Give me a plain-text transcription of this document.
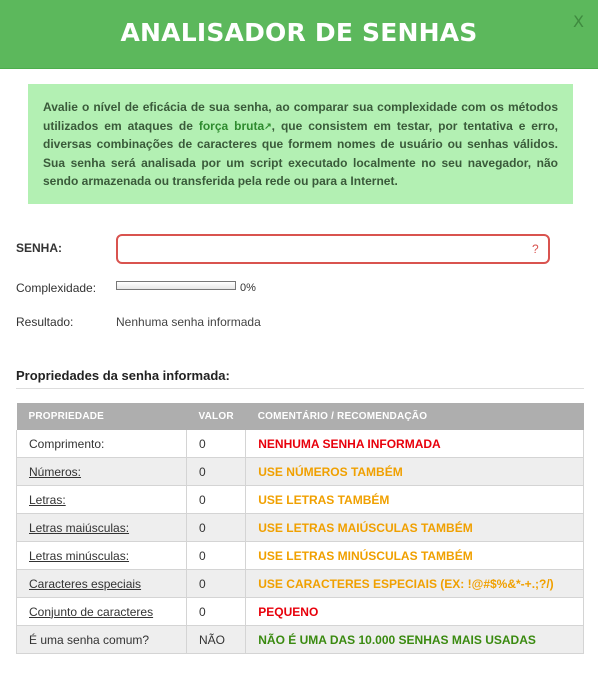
ANALISADOR DE SENHAS	X
Avalie o nível de eficácia de sua senha, ao comparar sua complexidade com os métodos utilizados em ataques de força bruta↗, que consistem em testar, por tentativa e erro, diversas combinações de caracteres que formem nomes de usuário ou senhas válidos. Sua senha será analisada por um script executado localmente no seu navegador, não sendo armazenada ou transferida pela rede ou para a Internet.
SENHA:	?
Complexidade:	0%
Resultado:	Nenhuma senha informada
Propriedades da senha informada:
PROPRIEDADE	VALOR	COMENTÁRIO / RECOMENDAÇÃO
Comprimento:	0	NENHUMA SENHA INFORMADA
Números:	0	USE NÚMEROS TAMBÉM
Letras:	0	USE LETRAS TAMBÉM
Letras maiúsculas:	0	USE LETRAS MAIÚSCULAS TAMBÉM
Letras minúsculas:	0	USE LETRAS MINÚSCULAS TAMBÉM
Caracteres especiais	0	USE CARACTERES ESPECIAIS (EX: !@#$%&*-+.;?/)
Conjunto de caracteres	0	PEQUENO
É uma senha comum?	NÃO	NÃO É UMA DAS 10.000 SENHAS MAIS USADAS
